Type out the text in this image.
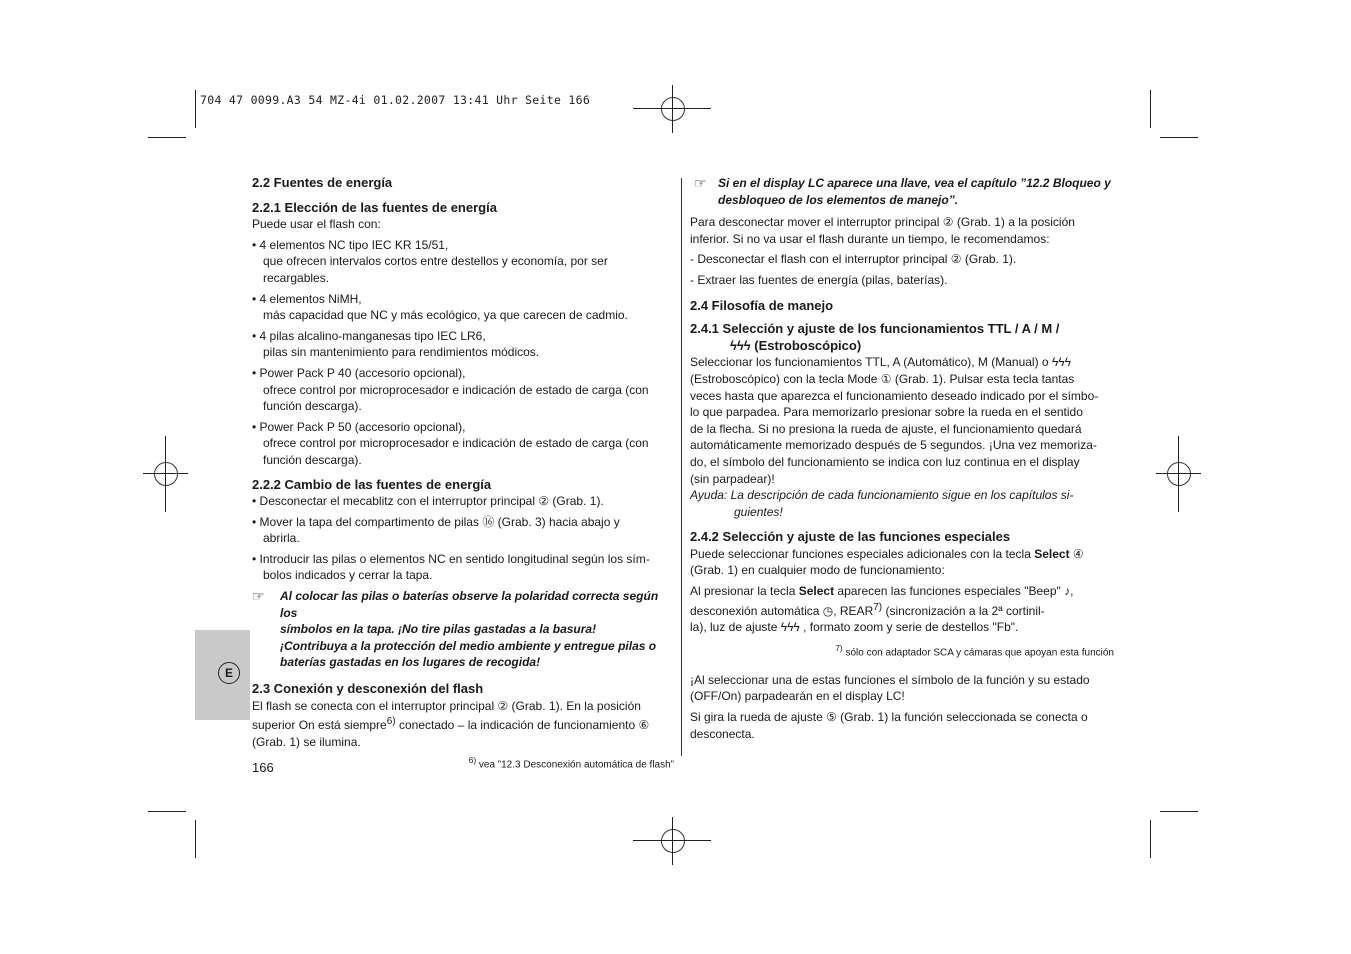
704 47 0099.A3 54 MZ-4i 01.02.2007 13:41 Uhr Seite 166
E
2.2 Fuentes de energía
2.2.1 Elección de las fuentes de energía
Puede usar el flash con:
• 4 elementos NC tipo IEC KR 15/51,
que ofrecen intervalos cortos entre destellos y economía, por ser recargables.
• 4 elementos NiMH,
más capacidad que NC y más ecológico, ya que carecen de cadmio.
• 4 pilas alcalino-manganesas tipo IEC LR6,
pilas sin mantenimiento para rendimientos módicos.
• Power Pack P 40 (accesorio opcional),
ofrece control por microprocesador e indicación de estado de carga (con
función descarga).
• Power Pack P 50 (accesorio opcional),
ofrece control por microprocesador e indicación de estado de carga (con
función descarga).
2.2.2 Cambio de las fuentes de energía
• Desconectar el mecablitz con el interruptor principal ② (Grab. 1).
• Mover la tapa del compartimento de pilas ⑯ (Grab. 3) hacia abajo y
abrirla.
• Introducir las pilas o elementos NC en sentido longitudinal según los sím-
bolos indicados y cerrar la tapa.
☞ Al colocar las pilas o baterías observe la polaridad correcta según los
símbolos en la tapa. ¡No tire pilas gastadas a la basura!
¡Contribuya a la protección del medio ambiente y entregue pilas o
baterías gastadas en los lugares de recogida!
2.3 Conexión y desconexión del flash
El flash se conecta con el interruptor principal ② (Grab. 1). En la posición
superior On está siempre$^{6)}$ conectado – la indicación de funcionamiento ⑥
(Grab. 1) se ilumina.
$^{6)}$ vea ”12.3 Desconexión automática de flash”
166
☞ Si en el display LC aparece una llave, vea el capítulo ”12.2 Bloqueo y
desbloqueo de los elementos de manejo”.
Para desconectar mover el interruptor principal ② (Grab. 1) a la posición
inferior. Si no va usar el flash durante un tiempo, le recomendamos:
- Desconectar el flash con el interruptor principal ② (Grab. 1).
- Extraer las fuentes de energía (pilas, baterías).
2.4 Filosofía de manejo
2.4.1 Selección y ajuste de los funcionamientos TTL / A / M /
ϟϟϟ (Estroboscópico)
Seleccionar los funcionamientos TTL, A (Automático), M (Manual) o ϟϟϟ
(Estroboscópico) con la tecla Mode ① (Grab. 1). Pulsar esta tecla tantas
veces hasta que aparezca el funcionamiento deseado indicado por el símbo-
lo que parpadea. Para memorizarlo presionar sobre la rueda en el sentido
de la flecha. Si no presiona la rueda de ajuste, el funcionamiento quedará
automáticamente memorizado después de 5 segundos. ¡Una vez memoriza-
do, el símbolo del funcionamiento se indica con luz continua en el display
(sin parpadear)!
Ayuda: La descripción de cada funcionamiento sigue en los capítulos si-
guientes!
2.4.2 Selección y ajuste de las funciones especiales
Puede seleccionar funciones especiales adicionales con la tecla Select ④
(Grab. 1) en cualquier modo de funcionamiento:
Al presionar la tecla Select aparecen las funciones especiales "Beep" ♪,
desconexión automática ◷, REAR$^{7)}$ (sincronización a la 2ª cortinil-
la), luz de ajuste ϟϟϟ , formato zoom y serie de destellos "Fb".
$^{7)}$ sólo con adaptador SCA y cámaras que apoyan esta función
¡Al seleccionar una de estas funciones el símbolo de la función y su estado
(OFF/On) parpadearán en el display LC!
Si gira la rueda de ajuste ⑤ (Grab. 1) la función seleccionada se conecta o
desconecta.
